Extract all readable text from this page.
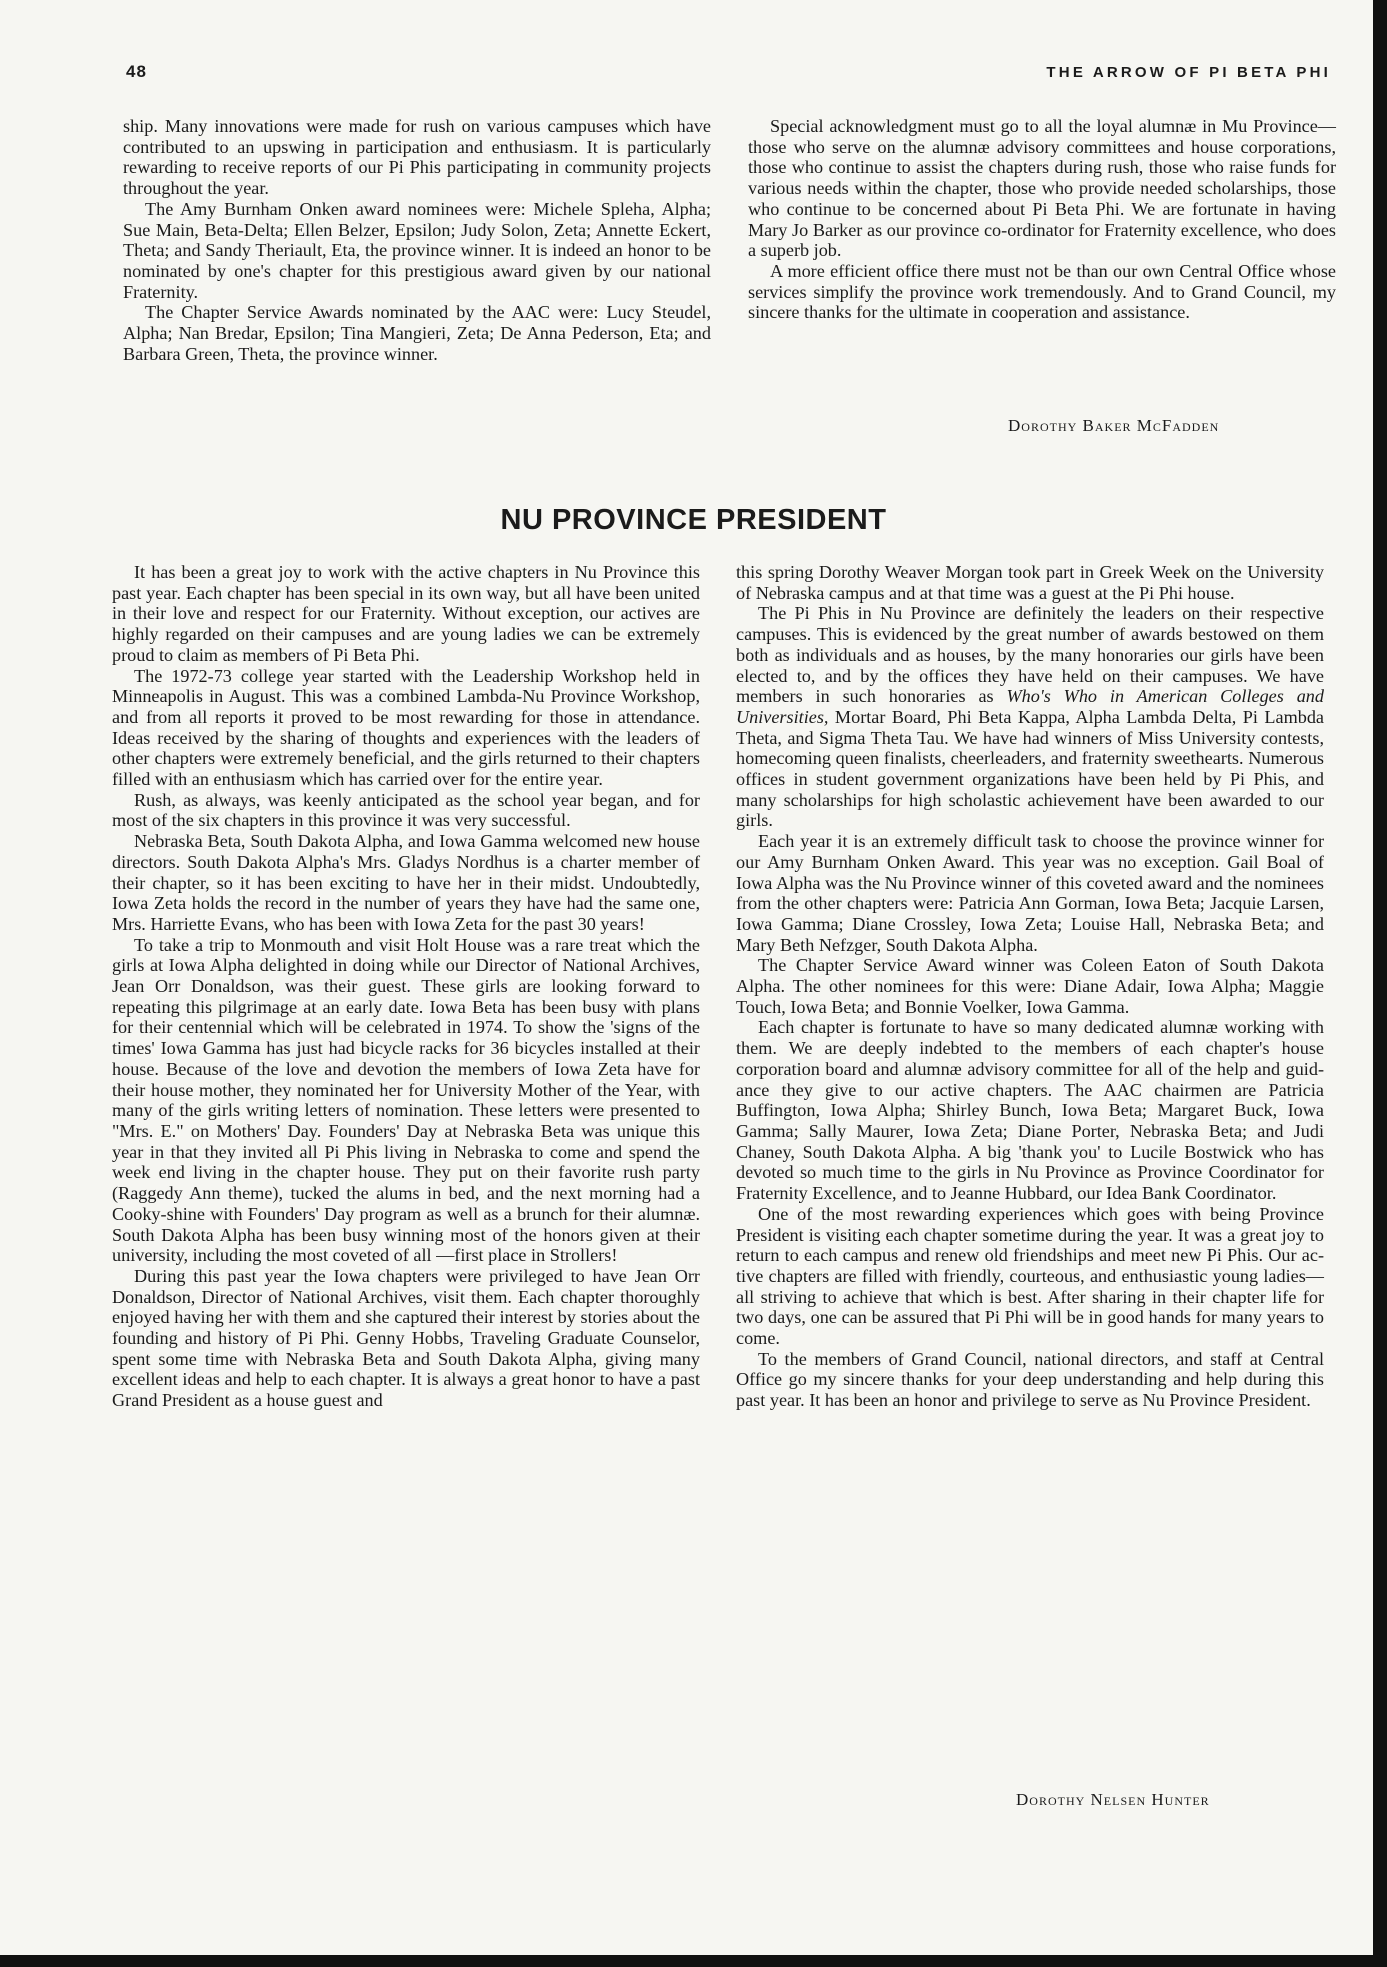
48	THE ARROW OF PI BETA PHI

ship. Many innovations were made for rush on various campuses which have contributed to an upswing in participation and enthusiasm. It is particularly rewarding to receive reports of our Pi Phis participating in community projects throughout the year.

The Amy Burnham Onken award nominees were: Michele Spleha, Alpha; Sue Main, Beta-Delta; Ellen Belzer, Epsilon; Judy Solon, Zeta; Annette Eckert, Theta; and Sandy Theriault, Eta, the province winner. It is indeed an honor to be nominated by one's chapter for this prestigious award given by our national Fraternity.

The Chapter Service Awards nominated by the AAC were: Lucy Steudel, Alpha; Nan Bredar, Epsilon; Tina Mangieri, Zeta; De Anna Pederson, Eta; and Barbara Green, Theta, the province winner.

Special acknowledgment must go to all the loyal alumnæ in Mu Province—those who serve on the alumnæ advisory committees and house corporations, those who continue to assist the chapters during rush, those who raise funds for various needs within the chapter, those who provide needed scholarships, those who continue to be concerned about Pi Beta Phi. We are fortunate in having Mary Jo Barker as our province co-ordinator for Fraternity excellence, who does a superb job.

A more efficient office there must not be than our own Central Office whose services simplify the province work tremendously. And to Grand Council, my sincere thanks for the ultimate in cooperation and assistance.

Dorothy Baker McFadden
NU PROVINCE PRESIDENT

It has been a great joy to work with the active chapters in Nu Province this past year. Each chapter has been special in its own way, but all have been united in their love and respect for our Fraternity. Without exception, our actives are highly regarded on their campuses and are young ladies we can be extremely proud to claim as members of Pi Beta Phi.

The 1972-73 college year started with the Leadership Workshop held in Minneapolis in August. This was a combined Lambda-Nu Province Workshop, and from all reports it proved to be most rewarding for those in attendance. Ideas received by the sharing of thoughts and experiences with the leaders of other chapters were extremely beneficial, and the girls returned to their chapters filled with an enthusiasm which has carried over for the entire year.

Rush, as always, was keenly anticipated as the school year began, and for most of the six chapters in this province it was very successful.

Nebraska Beta, South Dakota Alpha, and Iowa Gamma welcomed new house directors. South Dakota Alpha's Mrs. Gladys Nordhus is a charter member of their chapter, so it has been exciting to have her in their midst. Undoubtedly, Iowa Zeta holds the record in the number of years they have had the same one, Mrs. Harriette Evans, who has been with Iowa Zeta for the past 30 years!

To take a trip to Monmouth and visit Holt House was a rare treat which the girls at Iowa Alpha delighted in doing while our Director of National Archives, Jean Orr Donaldson, was their guest. These girls are looking forward to repeating this pilgrimage at an early date. Iowa Beta has been busy with plans for their centennial which will be celebrated in 1974. To show the 'signs of the times' Iowa Gamma has just had bicycle racks for 36 bicycles installed at their house. Because of the love and devotion the members of Iowa Zeta have for their house mother, they nominated her for University Mother of the Year, with many of the girls writing letters of nomination. These letters were presented to "Mrs. E." on Mothers' Day. Founders' Day at Nebraska Beta was unique this year in that they invited all Pi Phis living in Nebraska to come and spend the week end living in the chapter house. They put on their favorite rush party (Raggedy Ann theme), tucked the alums in bed, and the next morning had a Cooky-shine with Founders' Day program as well as a brunch for their alumnæ. South Dakota Alpha has been busy winning most of the honors given at their university, including the most coveted of all —first place in Strollers!

During this past year the Iowa chapters were privileged to have Jean Orr Donaldson, Director of National Archives, visit them. Each chapter thoroughly enjoyed having her with them and she captured their interest by stories about the founding and history of Pi Phi. Genny Hobbs, Traveling Graduate Counselor, spent some time with Nebraska Beta and South Dakota Alpha, giving many excellent ideas and help to each chapter. It is always a great honor to have a past Grand President as a house guest and

this spring Dorothy Weaver Morgan took part in Greek Week on the University of Nebraska campus and at that time was a guest at the Pi Phi house.

The Pi Phis in Nu Province are definitely the leaders on their respective campuses. This is evidenced by the great number of awards bestowed on them both as individuals and as houses, by the many honoraries our girls have been elected to, and by the offices they have held on their campuses. We have members in such honoraries as Who's Who in American Colleges and Universities, Mortar Board, Phi Beta Kappa, Alpha Lambda Delta, Pi Lambda Theta, and Sigma Theta Tau. We have had winners of Miss University contests, homecoming queen finalists, cheerleaders, and fraternity sweethearts. Numerous offices in student government organizations have been held by Pi Phis, and many scholarships for high scholastic achievement have been awarded to our girls.

Each year it is an extremely difficult task to choose the province winner for our Amy Burnham Onken Award. This year was no exception. Gail Boal of Iowa Alpha was the Nu Province winner of this coveted award and the nominees from the other chapters were: Patricia Ann Gorman, Iowa Beta; Jacquie Larsen, Iowa Gamma; Diane Crossley, Iowa Zeta; Louise Hall, Nebraska Beta; and Mary Beth Nefzger, South Dakota Alpha.

The Chapter Service Award winner was Coleen Eaton of South Dakota Alpha. The other nominees for this were: Diane Adair, Iowa Alpha; Maggie Touch, Iowa Beta; and Bonnie Voelker, Iowa Gamma.

Each chapter is fortunate to have so many dedicated alumnæ working with them. We are deeply indebted to the members of each chapter's house corporation board and alumnæ advisory committee for all of the help and guidance they give to our active chapters. The AAC chairmen are Patricia Buffington, Iowa Alpha; Shirley Bunch, Iowa Beta; Margaret Buck, Iowa Gamma; Sally Maurer, Iowa Zeta; Diane Porter, Nebraska Beta; and Judi Chaney, South Dakota Alpha. A big 'thank you' to Lucile Bostwick who has devoted so much time to the girls in Nu Province as Province Coordinator for Fraternity Excellence, and to Jeanne Hubbard, our Idea Bank Coordinator.

One of the most rewarding experiences which goes with being Province President is visiting each chapter sometime during the year. It was a great joy to return to each campus and renew old friendships and meet new Pi Phis. Our active chapters are filled with friendly, courteous, and enthusiastic young ladies—all striving to achieve that which is best. After sharing in their chapter life for two days, one can be assured that Pi Phi will be in good hands for many years to come.

To the members of Grand Council, national directors, and staff at Central Office go my sincere thanks for your deep understanding and help during this past year. It has been an honor and privilege to serve as Nu Province President.

Dorothy Nelsen Hunter
